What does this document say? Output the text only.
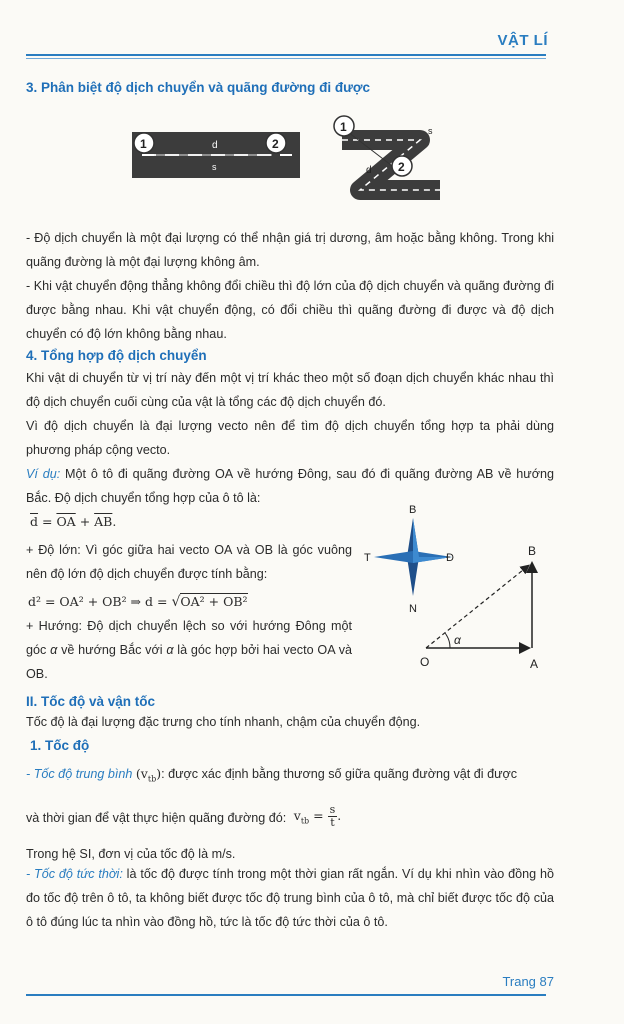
VẬT LÍ
3. Phân biệt độ dịch chuyển và quãng đường đi được
d
s
1	2
s
d
1
2

- Độ dịch chuyển là một đại lượng có thể nhận giá trị dương, âm hoặc bằng không. Trong khi quãng đường là một đại lượng không âm.

- Khi vật chuyển động thẳng không đổi chiều thì độ lớn của độ dịch chuyển và quãng đường đi được bằng nhau. Khi vật chuyển động, có đổi chiều thì quãng đường đi được và độ dịch chuyển có độ lớn không bằng nhau.

4. Tổng hợp độ dịch chuyển

Khi vật di chuyển từ vị trí này đến một vị trí khác theo một số đoạn dịch chuyển khác nhau thì độ dịch chuyển cuối cùng của vật là tổng các độ dịch chuyển đó.

Vì độ dịch chuyển là đại lượng vecto nên để tìm độ dịch chuyển tổng hợp ta phải dùng phương pháp cộng vecto.

Ví dụ: Một ô tô đi quãng đường OA về hướng Đông, sau đó đi quãng đường AB về hướng Bắc. Độ dịch chuyển tổng hợp của ô tô là:

$\overline{d} = \overline{OA} + \overline{AB}$.

+ Độ lớn: Vì góc giữa hai vecto OA và OB là góc vuông nên độ lớn độ dịch chuyển được tính bằng:

d² = OA² + OB² ⇒ d = √OA² + OB²

+ Hướng: Độ dịch chuyển lệch so với hướng Đông một góc α về hướng Bắc với α là góc hợp bởi hai vecto OA và OB.

B
N
T	Đ
O	A
B
α
II. Tốc độ và vận tốc

Tốc độ là đại lượng đặc trưng cho tính nhanh, chậm của chuyển động.

1. Tốc độ

- Tốc độ trung bình $(v_{tb})$: được xác định bằng thương số giữa quãng đường vật đi được

và thời gian để vật thực hiện quãng đường đó: $v_{tb} = \frac{s}{t}$ .

Trong hệ SI, đơn vị của tốc độ là m/s.

- Tốc độ tức thời: là tốc độ được tính trong một thời gian rất ngắn. Ví dụ khi nhìn vào đồng hồ đo tốc độ trên ô tô, ta không biết được tốc độ trung bình của ô tô, mà chỉ biết được tốc độ của ô tô đúng lúc ta nhìn vào đồng hồ, tức là tốc độ tức thời của ô tô.

Trang 87
